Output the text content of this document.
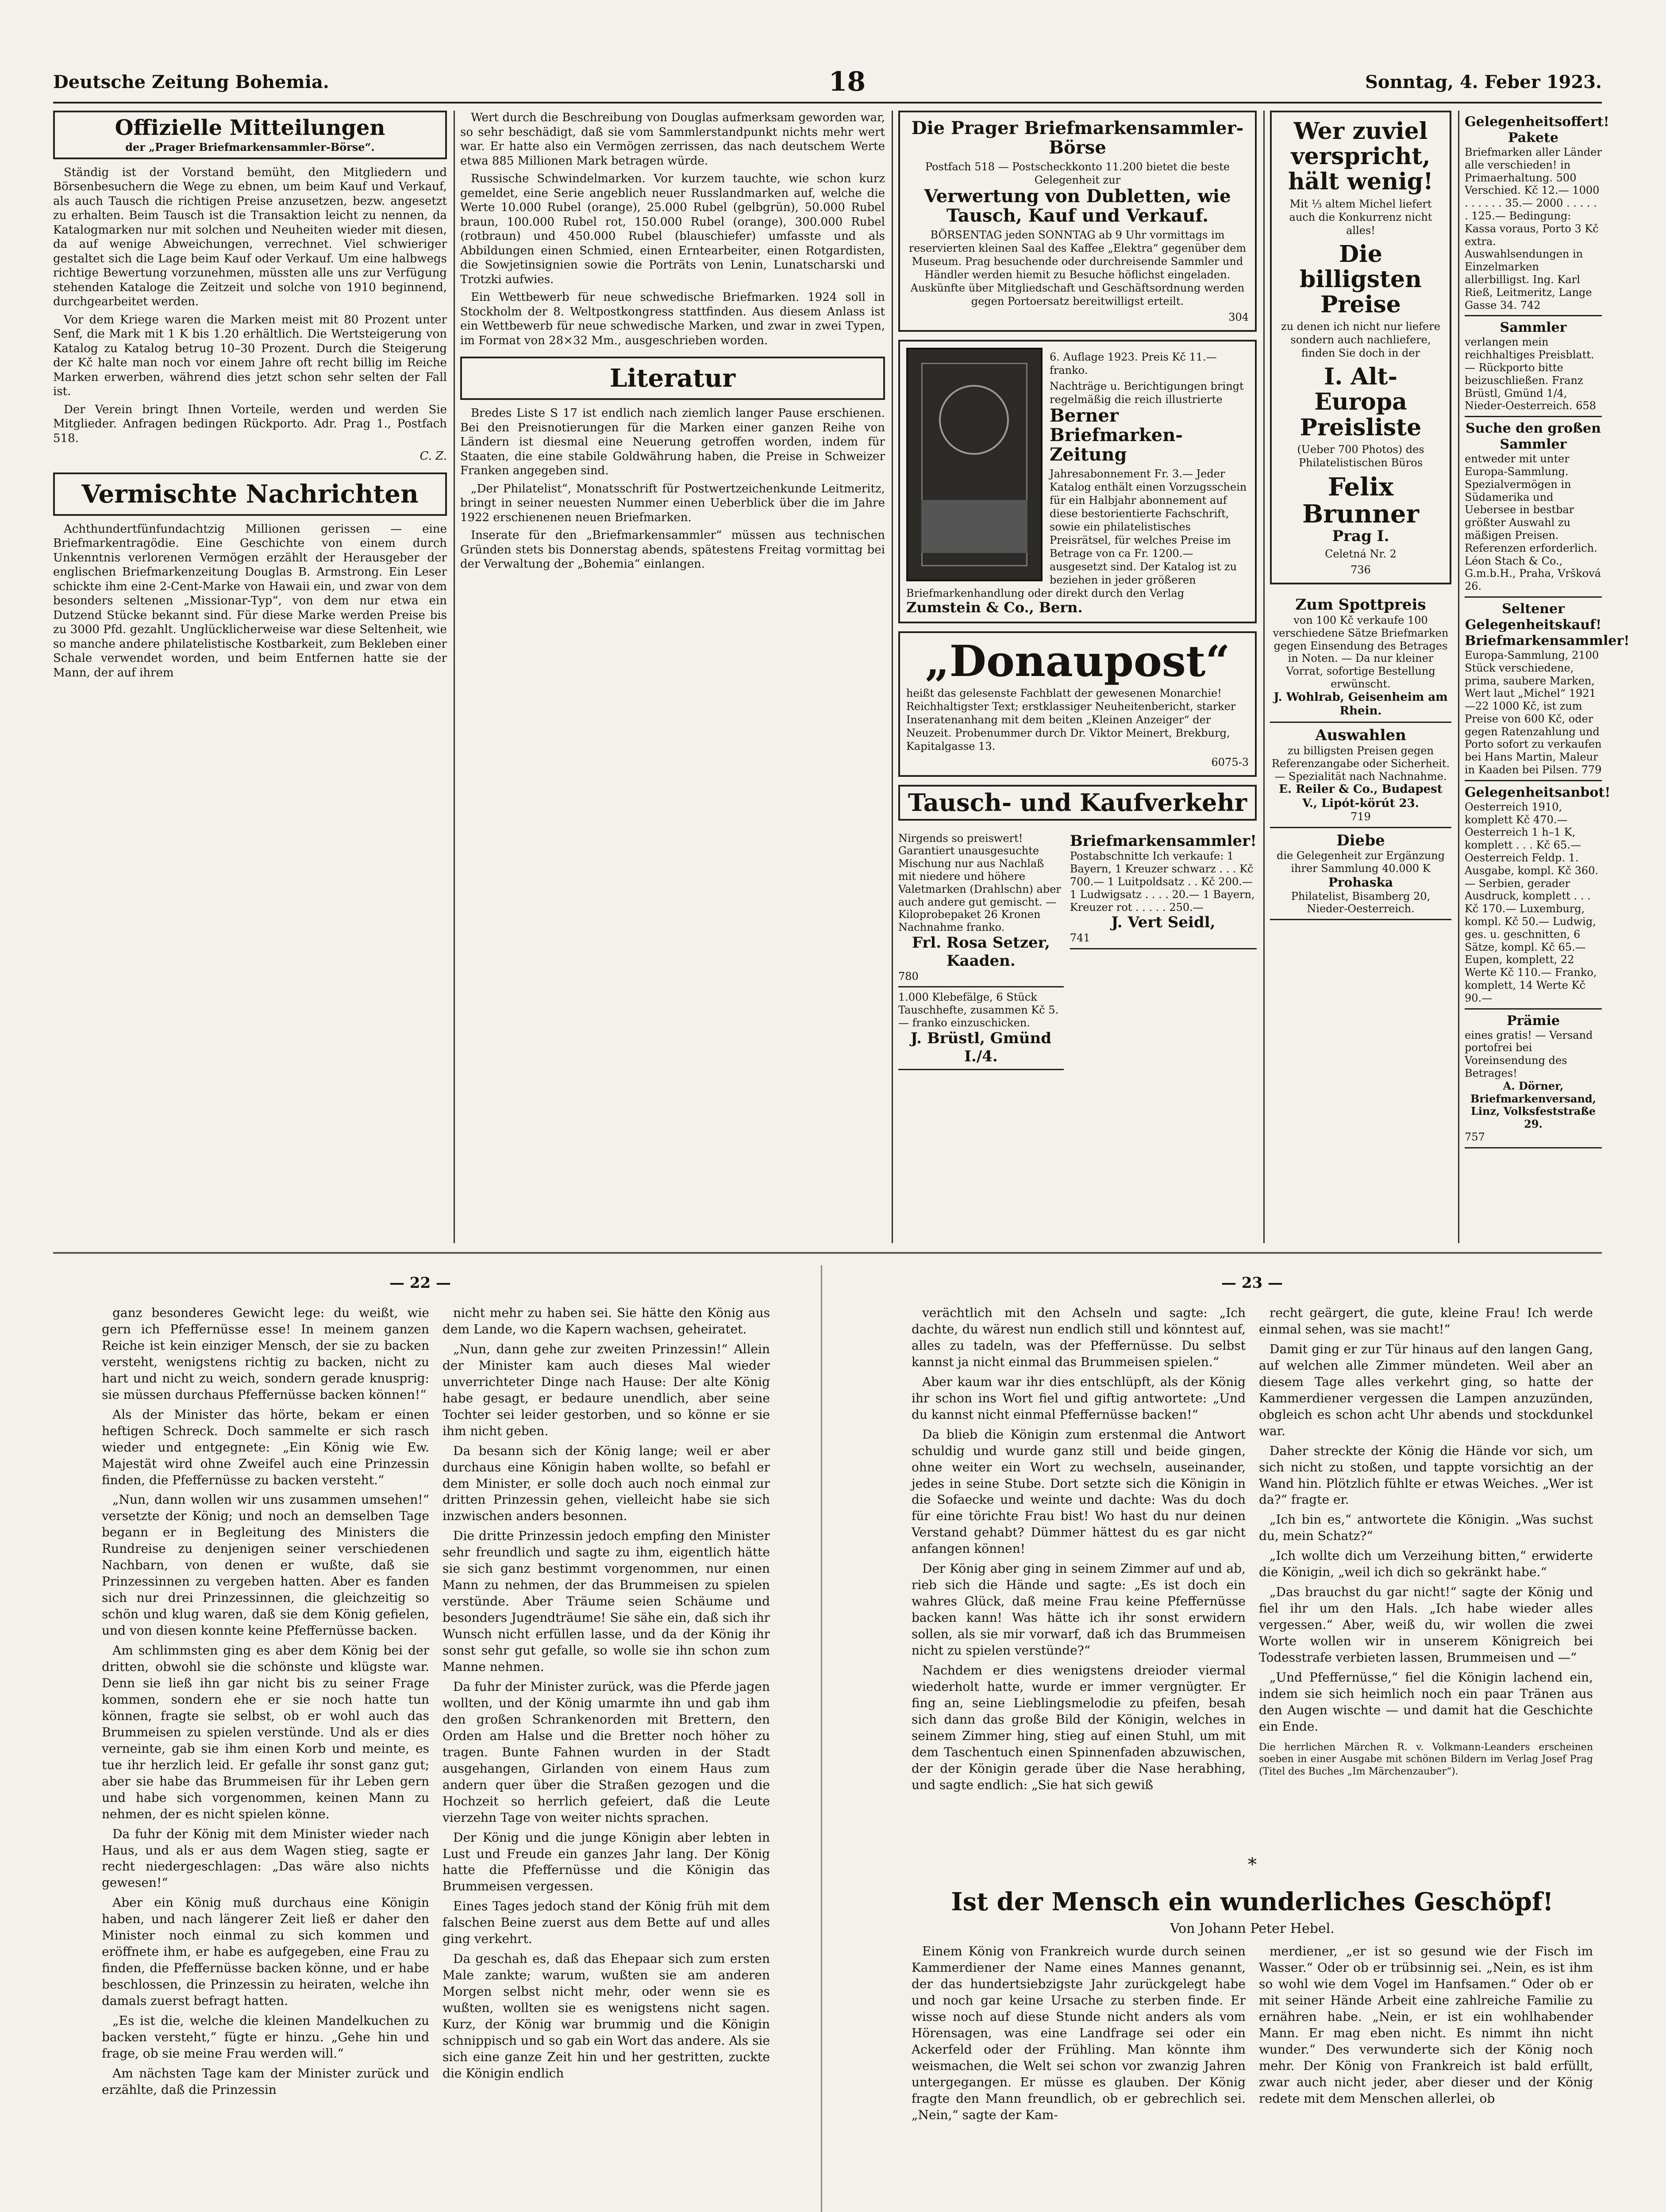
Deutsche Zeitung Bohemia.	18	Sonntag, 4. Feber 1923.
Offizielle Mitteilungen
der „Prager Briefmarkensammler-Börse“.

Ständig ist der Vorstand bemüht, den Mitgliedern und Börsenbesuchern die Wege zu ebnen, um beim Kauf und Verkauf, als auch Tausch die richtigen Preise anzusetzen, bezw. angesetzt zu erhalten. Beim Tausch ist die Transaktion leicht zu nennen, da Katalogmarken nur mit solchen und Neuheiten wieder mit diesen, da auf wenige Abweichungen, verrechnet. Viel schwieriger gestaltet sich die Lage beim Kauf oder Verkauf. Um eine halbwegs richtige Bewertung vorzunehmen, müssten alle uns zur Verfügung stehenden Kataloge die Zeitzeit und solche von 1910 beginnend, durchgearbeitet werden.

Vor dem Kriege waren die Marken meist mit 80 Prozent unter Senf, die Mark mit 1 K bis 1.20 erhältlich. Die Wertsteigerung von Katalog zu Katalog betrug 10–30 Prozent. Durch die Steigerung der Kč halte man noch vor einem Jahre oft recht billig im Reiche Marken erwerben, während dies jetzt schon sehr selten der Fall ist.

Der Verein bringt Ihnen Vorteile, werden und werden Sie Mitglieder. Anfragen bedingen Rückporto. Adr. Prag 1., Postfach 518.

C. Z.
Vermischte Nachrichten

Achthundertfünfundachtzig Millionen gerissen — eine Briefmarkentragödie. Eine Geschichte von einem durch Unkenntnis verlorenen Vermögen erzählt der Herausgeber der englischen Briefmarkenzeitung Douglas B. Armstrong. Ein Leser schickte ihm eine 2-Cent-Marke von Hawaii ein, und zwar von dem besonders seltenen „Missionar-Typ“, von dem nur etwa ein Dutzend Stücke bekannt sind. Für diese Marke werden Preise bis zu 3000 Pfd. gezahlt. Unglücklicherweise war diese Seltenheit, wie so manche andere philatelistische Kostbarkeit, zum Bekleben einer Schale verwendet worden, und beim Entfernen hatte sie der Mann, der auf ihrem

Wert durch die Beschreibung von Douglas aufmerksam geworden war, so sehr beschädigt, daß sie vom Sammlerstandpunkt nichts mehr wert war. Er hatte also ein Vermögen zerrissen, das nach deutschem Werte etwa 885 Millionen Mark betragen würde.

Russische Schwindelmarken. Vor kurzem tauchte, wie schon kurz gemeldet, eine Serie angeblich neuer Russlandmarken auf, welche die Werte 10.000 Rubel (orange), 25.000 Rubel (gelbgrün), 50.000 Rubel braun, 100.000 Rubel rot, 150.000 Rubel (orange), 300.000 Rubel (rotbraun) und 450.000 Rubel (blauschiefer) umfasste und als Abbildungen einen Schmied, einen Erntearbeiter, einen Rotgardisten, die Sowjetinsignien sowie die Porträts von Lenin, Lunatscharski und Trotzki aufwies.

Ein Wettbewerb für neue schwedische Briefmarken. 1924 soll in Stockholm der 8. Weltpostkongress stattfinden. Aus diesem Anlass ist ein Wettbewerb für neue schwedische Marken, und zwar in zwei Typen, im Format von 28×32 Mm., ausgeschrieben worden.

Literatur

Bredes Liste S 17 ist endlich nach ziemlich langer Pause erschienen. Bei den Preisnotierungen für die Marken einer ganzen Reihe von Ländern ist diesmal eine Neuerung getroffen worden, indem für Staaten, die eine stabile Goldwährung haben, die Preise in Schweizer Franken angegeben sind.

„Der Philatelist“, Monatsschrift für Postwertzeichenkunde Leitmeritz, bringt in seiner neuesten Nummer einen Ueberblick über die im Jahre 1922 erschienenen neuen Briefmarken.

Inserate für den „Briefmarkensammler“ müssen aus technischen Gründen stets bis Donnerstag abends, spätestens Freitag vormittag bei der Verwaltung der „Bohemia“ einlangen.

Die Prager Briefmarkensammler-Börse
Postfach 518 — Postscheckkonto 11.200 bietet die beste Gelegenheit zur
Verwertung von Dubletten, wie Tausch, Kauf und Verkauf.
BÖRSENTAG jeden SONNTAG ab 9 Uhr vormittags im reservierten kleinen Saal des Kaffee „Elektra“ gegenüber dem Museum. Prag besuchende oder durchreisende Sammler und Händler werden hiemit zu Besuche höflichst eingeladen. Auskünfte über Mitgliedschaft und Geschäftsordnung werden gegen Portoersatz bereitwilligst erteilt.
304
6. Auflage 1923. Preis Kč 11.— franko.
Nachträge u. Berichtigungen bringt regelmäßig die reich illustrierte
Berner Briefmarken-Zeitung
Jahresabonnement Fr. 3.— Jeder Katalog enthält einen Vorzugsschein für ein Halbjahr abonnement auf diese bestorientierte Fachschrift, sowie ein philatelistisches Preisrätsel, für welches Preise im Betrage von ca Fr. 1200.— ausgesetzt sind. Der Katalog ist zu beziehen in jeder größeren Briefmarkenhandlung oder direkt durch den Verlag
Zumstein & Co., Bern.
„Donaupost“
heißt das gelesenste Fachblatt der gewesenen Monarchie! Reichhaltigster Text; erstklassiger Neuheitenbericht, starker Inseratenanhang mit dem beiten „Kleinen Anzeiger“ der Neuzeit. Probenummer durch Dr. Viktor Meinert, Brekburg, Kapitalgasse 13.
6075-3
Tausch- und Kaufverkehr
Nirgends so preiswert! Garantiert unausgesuchte Mischung nur aus Nachlaß mit niedere und höhere Valetmarken (Drahlschn) aber auch andere gut gemischt. — Kiloprobepaket 26 Kronen Nachnahme franko.
Frl. Rosa Setzer, Kaaden.
780
1.000 Klebefälge, 6 Stück Tauschhefte, zusammen Kč 5.— franko einzuschicken.
J. Brüstl, Gmünd I./4.
Briefmarkensammler!
Postabschnitte Ich verkaufe: 1 Bayern, 1 Kreuzer schwarz . . . Kč 700.— 1 Luitpoldsatz . . Kč 200.— 1 Ludwigsatz . . . . 20.— 1 Bayern, Kreuzer rot . . . . . 250.—
J. Vert Seidl,
741
Wer zuviel verspricht, hält wenig!
Mit ⅓ altem Michel liefert auch die Konkurrenz nicht alles!
Die billigsten Preise
zu denen ich nicht nur liefere sondern auch nachliefere, finden Sie doch in der
I. Alt-Europa Preisliste
(Ueber 700 Photos) des Philatelistischen Büros
Felix Brunner
Prag I.
Celetná Nr. 2
736
Zum Spottpreis
von 100 Kč verkaufe 100 verschiedene Sätze Briefmarken gegen Einsendung des Betrages in Noten. — Da nur kleiner Vorrat, sofortige Bestellung erwünscht.
J. Wohlrab, Geisenheim am Rhein.
Auswahlen
zu billigsten Preisen gegen Referenzangabe oder Sicherheit. — Spezialität nach Nachnahme.
E. Reiler & Co., Budapest V., Lipót-körút 23.
719
Diebe
die Gelegenheit zur Ergänzung ihrer Sammlung 40.000 K
Prohaska
Philatelist, Bisamberg 20, Nieder-Oesterreich.
Gelegenheitsoffert! Pakete
Briefmarken aller Länder alle verschieden! in Primaerhaltung. 500 Verschied. Kč 12.— 1000 . . . . . . 35.— 2000 . . . . . . 125.— Bedingung: Kassa voraus, Porto 3 Kč extra. Auswahlsendungen in Einzelmarken allerbilligst. Ing. Karl Rieß, Leitmeritz, Lange Gasse 34. 742
Sammler
verlangen mein reichhaltiges Preisblatt. — Rückporto bitte beizuschließen. Franz Brüstl, Gmünd 1/4, Nieder-Oesterreich. 658
Suche den großen Sammler
entweder mit unter Europa-Sammlung. Spezialvermögen in Südamerika und Uebersee in bestbar größter Auswahl zu mäßigen Preisen. Referenzen erforderlich. Léon Stach & Co., G.m.b.H., Praha, Vršková 26.
Seltener Gelegenheitskauf! Briefmarkensammler!
Europa-Sammlung, 2100 Stück verschiedene, prima, saubere Marken, Wert laut „Michel“ 1921—22 1000 Kč, ist zum Preise von 600 Kč, oder gegen Ratenzahlung und Porto sofort zu verkaufen bei Hans Martin, Maleur in Kaaden bei Pilsen. 779
Gelegenheitsanbot!
Oesterreich 1910, komplett Kč 470.— Oesterreich 1 h–1 K, komplett . . . Kč 65.— Oesterreich Feldp. 1. Ausgabe, kompl. Kč 360.— Serbien, gerader Ausdruck, komplett . . . Kč 170.— Luxemburg, kompl. Kč 50.— Ludwig, ges. u. geschnitten, 6 Sätze, kompl. Kč 65.— Eupen, komplett, 22 Werte Kč 110.— Franko, komplett, 14 Werte Kč 90.—
Prämie
eines gratis! — Versand portofrei bei Voreinsendung des Betrages!
A. Dörner, Briefmarkenversand, Linz, Volksfeststraße 29.
757
— 22 —	— 23 —

ganz besonderes Gewicht lege: du weißt, wie gern ich Pfeffernüsse esse! In meinem ganzen Reiche ist kein einziger Mensch, der sie zu backen versteht, wenigstens richtig zu backen, nicht zu hart und nicht zu weich, sondern gerade knusprig: sie müssen durchaus Pfeffernüsse backen können!“

Als der Minister das hörte, bekam er einen heftigen Schreck. Doch sammelte er sich rasch wieder und entgegnete: „Ein König wie Ew. Majestät wird ohne Zweifel auch eine Prinzessin finden, die Pfeffernüsse zu backen versteht.“

„Nun, dann wollen wir uns zusammen umsehen!“ versetzte der König; und noch an demselben Tage begann er in Begleitung des Ministers die Rundreise zu denjenigen seiner verschiedenen Nachbarn, von denen er wußte, daß sie Prinzessinnen zu vergeben hatten. Aber es fanden sich nur drei Prinzessinnen, die gleichzeitig so schön und klug waren, daß sie dem König gefielen, und von diesen konnte keine Pfeffernüsse backen.

Am schlimmsten ging es aber dem König bei der dritten, obwohl sie die schönste und klügste war. Denn sie ließ ihn gar nicht bis zu seiner Frage kommen, sondern ehe er sie noch hatte tun können, fragte sie selbst, ob er wohl auch das Brummeisen zu spielen verstünde. Und als er dies verneinte, gab sie ihm einen Korb und meinte, es tue ihr herzlich leid. Er gefalle ihr sonst ganz gut; aber sie habe das Brummeisen für ihr Leben gern und habe sich vorgenommen, keinen Mann zu nehmen, der es nicht spielen könne.

Da fuhr der König mit dem Minister wieder nach Haus, und als er aus dem Wagen stieg, sagte er recht niedergeschlagen: „Das wäre also nichts gewesen!“

Aber ein König muß durchaus eine Königin haben, und nach längerer Zeit ließ er daher den Minister noch einmal zu sich kommen und eröffnete ihm, er habe es aufgegeben, eine Frau zu finden, die Pfeffernüsse backen könne, und er habe beschlossen, die Prinzessin zu heiraten, welche ihn damals zuerst befragt hatten.

„Es ist die, welche die kleinen Mandelkuchen zu backen versteht,“ fügte er hinzu. „Gehe hin und frage, ob sie meine Frau werden will.“

Am nächsten Tage kam der Minister zurück und erzählte, daß die Prinzessin

nicht mehr zu haben sei. Sie hätte den König aus dem Lande, wo die Kapern wachsen, geheiratet.

„Nun, dann gehe zur zweiten Prinzessin!“ Allein der Minister kam auch dieses Mal wieder unverrichteter Dinge nach Hause: Der alte König habe gesagt, er bedaure unendlich, aber seine Tochter sei leider gestorben, und so könne er sie ihm nicht geben.

Da besann sich der König lange; weil er aber durchaus eine Königin haben wollte, so befahl er dem Minister, er solle doch auch noch einmal zur dritten Prinzessin gehen, vielleicht habe sie sich inzwischen anders besonnen.

Die dritte Prinzessin jedoch empfing den Minister sehr freundlich und sagte zu ihm, eigentlich hätte sie sich ganz bestimmt vorgenommen, nur einen Mann zu nehmen, der das Brummeisen zu spielen verstünde. Aber Träume seien Schäume und besonders Jugendträume! Sie sähe ein, daß sich ihr Wunsch nicht erfüllen lasse, und da der König ihr sonst sehr gut gefalle, so wolle sie ihn schon zum Manne nehmen.

Da fuhr der Minister zurück, was die Pferde jagen wollten, und der König umarmte ihn und gab ihm den großen Schrankenorden mit Brettern, den Orden am Halse und die Bretter noch höher zu tragen. Bunte Fahnen wurden in der Stadt ausgehangen, Girlanden von einem Haus zum andern quer über die Straßen gezogen und die Hochzeit so herrlich gefeiert, daß die Leute vierzehn Tage von weiter nichts sprachen.

Der König und die junge Königin aber lebten in Lust und Freude ein ganzes Jahr lang. Der König hatte die Pfeffernüsse und die Königin das Brummeisen vergessen.

Eines Tages jedoch stand der König früh mit dem falschen Beine zuerst aus dem Bette auf und alles ging verkehrt.

Da geschah es, daß das Ehepaar sich zum ersten Male zankte; warum, wußten sie am anderen Morgen selbst nicht mehr, oder wenn sie es wußten, wollten sie es wenigstens nicht sagen. Kurz, der König war brummig und die Königin schnippisch und so gab ein Wort das andere. Als sie sich eine ganze Zeit hin und her gestritten, zuckte die Königin endlich

verächtlich mit den Achseln und sagte: „Ich dachte, du wärest nun endlich still und könntest auf, alles zu tadeln, was der Pfeffernüsse. Du selbst kannst ja nicht einmal das Brummeisen spielen.“

Aber kaum war ihr dies entschlüpft, als der König ihr schon ins Wort fiel und giftig antwortete: „Und du kannst nicht einmal Pfeffernüsse backen!“

Da blieb die Königin zum erstenmal die Antwort schuldig und wurde ganz still und beide gingen, ohne weiter ein Wort zu wechseln, auseinander, jedes in seine Stube. Dort setzte sich die Königin in die Sofaecke und weinte und dachte: Was du doch für eine törichte Frau bist! Wo hast du nur deinen Verstand gehabt? Dümmer hättest du es gar nicht anfangen können!

Der König aber ging in seinem Zimmer auf und ab, rieb sich die Hände und sagte: „Es ist doch ein wahres Glück, daß meine Frau keine Pfeffernüsse backen kann! Was hätte ich ihr sonst erwidern sollen, als sie mir vorwarf, daß ich das Brummeisen nicht zu spielen verstünde?“

Nachdem er dies wenigstens dreioder viermal wiederholt hatte, wurde er immer vergnügter. Er fing an, seine Lieblingsmelodie zu pfeifen, besah sich dann das große Bild der Königin, welches in seinem Zimmer hing, stieg auf einen Stuhl, um mit dem Taschentuch einen Spinnenfaden abzuwischen, der der Königin gerade über die Nase herabhing, und sagte endlich: „Sie hat sich gewiß

recht geärgert, die gute, kleine Frau! Ich werde einmal sehen, was sie macht!“

Damit ging er zur Tür hinaus auf den langen Gang, auf welchen alle Zimmer mündeten. Weil aber an diesem Tage alles verkehrt ging, so hatte der Kammerdiener vergessen die Lampen anzuzünden, obgleich es schon acht Uhr abends und stockdunkel war.

Daher streckte der König die Hände vor sich, um sich nicht zu stoßen, und tappte vorsichtig an der Wand hin. Plötzlich fühlte er etwas Weiches. „Wer ist da?“ fragte er.

„Ich bin es,“ antwortete die Königin. „Was suchst du, mein Schatz?“

„Ich wollte dich um Verzeihung bitten,“ erwiderte die Königin, „weil ich dich so gekränkt habe.“

„Das brauchst du gar nicht!“ sagte der König und fiel ihr um den Hals. „Ich habe wieder alles vergessen.“ Aber, weiß du, wir wollen die zwei Worte wollen wir in unserem Königreich bei Todesstrafe verbieten lassen, Brummeisen und —“

„Und Pfeffernüsse,“ fiel die Königin lachend ein, indem sie sich heimlich noch ein paar Tränen aus den Augen wischte — und damit hat die Geschichte ein Ende.

Die herrlichen Märchen R. v. Volkmann-Leanders erscheinen soeben in einer Ausgabe mit schönen Bildern im Verlag Josef Prag (Titel des Buches „Im Märchenzauber“).
*
Ist der Mensch ein wunderliches Geschöpf!
Von Johann Peter Hebel.

Einem König von Frankreich wurde durch seinen Kammerdiener der Name eines Mannes genannt, der das hundertsiebzigste Jahr zurückgelegt habe und noch gar keine Ursache zu sterben finde. Er wisse noch auf diese Stunde nicht anders als vom Hörensagen, was eine Landfrage sei oder ein Ackerfeld oder der Frühling. Man könnte ihm weismachen, die Welt sei schon vor zwanzig Jahren untergegangen. Er müsse es glauben. Der König fragte den Mann freundlich, ob er gebrechlich sei. „Nein,“ sagte der Kam-

merdiener, „er ist so gesund wie der Fisch im Wasser.“ Oder ob er trübsinnig sei. „Nein, es ist ihm so wohl wie dem Vogel im Hanfsamen.“ Oder ob er mit seiner Hände Arbeit eine zahlreiche Familie zu ernähren habe. „Nein, er ist ein wohlhabender Mann. Er mag eben nicht. Es nimmt ihn nicht wunder.“ Des verwunderte sich der König noch mehr. Der König von Frankreich ist bald erfüllt, zwar auch nicht jeder, aber dieser und der König redete mit dem Menschen allerlei, ob
